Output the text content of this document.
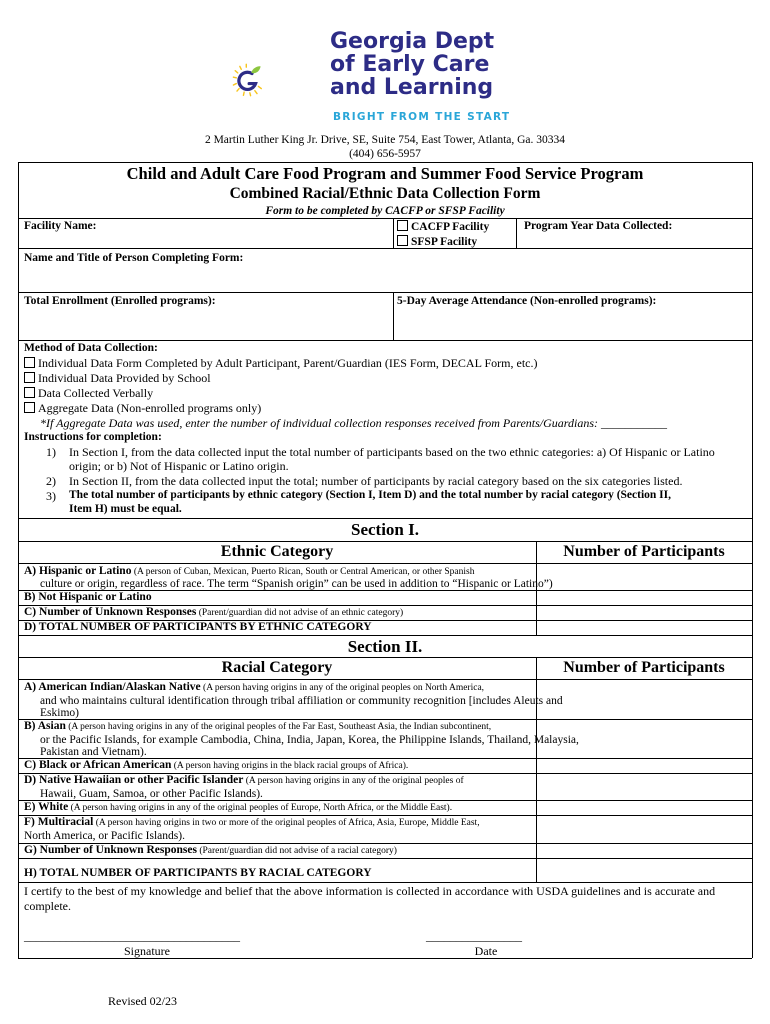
Georgia Dept
of Early Care
and Learning
BRIGHT FROM THE START
2 Martin Luther King Jr. Drive, SE, Suite 754, East Tower, Atlanta, Ga. 30334
(404) 656-5957
Child and Adult Care Food Program and Summer Food Service Program
Combined Racial/Ethnic Data Collection Form
Form to be completed by CACFP or SFSP Facility
Facility Name:	CACFP Facility
SFSP Facility
Program Year Data Collected:
Name and Title of Person Completing Form:
Total Enrollment (Enrolled programs):	5-Day Average Attendance (Non-enrolled programs):
Method of Data Collection:
Individual Data Form Completed by Adult Participant, Parent/Guardian (IES Form, DECAL Form, etc.)
Individual Data Provided by School
Data Collected Verbally
Aggregate Data (Non-enrolled programs only)
*If Aggregate Data was used, enter the number of individual collection responses received from Parents/Guardians: ___________
Instructions for completion:
1) In Section I, from the data collected input the total number of participants based on the two ethnic categories: a) Of Hispanic or Latino
origin; or b) Not of Hispanic or Latino origin.
2) In Section II, from the data collected input the total; number of participants by racial category based on the six categories listed.
3) The total number of participants by ethnic category (Section I, Item D) and the total number by racial category (Section II,
Item H) must be equal.
Section I.
Ethnic Category	Number of Participants
A) Hispanic or Latino (A person of Cuban, Mexican, Puerto Rican, South or Central American, or other Spanish
culture or origin, regardless of race. The term “Spanish origin” can be used in addition to “Hispanic or Latino”)
B) Not Hispanic or Latino
C) Number of Unknown Responses (Parent/guardian did not advise of an ethnic category)
D) TOTAL NUMBER OF PARTICIPANTS BY ETHNIC CATEGORY
Section II.
Racial Category	Number of Participants
A) American Indian/Alaskan Native (A person having origins in any of the original peoples on North America,
and who maintains cultural identification through tribal affiliation or community recognition [includes Aleuts and
Eskimo)
B) Asian (A person having origins in any of the original peoples of the Far East, Southeast Asia, the Indian subcontinent,
or the Pacific Islands, for example Cambodia, China, India, Japan, Korea, the Philippine Islands, Thailand, Malaysia,
Pakistan and Vietnam).
C) Black or African American (A person having origins in the black racial groups of Africa).
D) Native Hawaiian or other Pacific Islander (A person having origins in any of the original peoples of
Hawaii, Guam, Samoa, or other Pacific Islands).
E) White (A person having origins in any of the original peoples of Europe, North Africa, or the Middle East).
F) Multiracial (A person having origins in two or more of the original peoples of Africa, Asia, Europe, Middle East,
North America, or Pacific Islands).
G) Number of Unknown Responses (Parent/guardian did not advise of a racial category)
H) TOTAL NUMBER OF PARTICIPANTS BY RACIAL CATEGORY
I certify to the best of my knowledge and belief that the above information is collected in accordance with USDA guidelines and is accurate and
complete.
____________________________________
Signature
________________
Date
Revised 02/23
